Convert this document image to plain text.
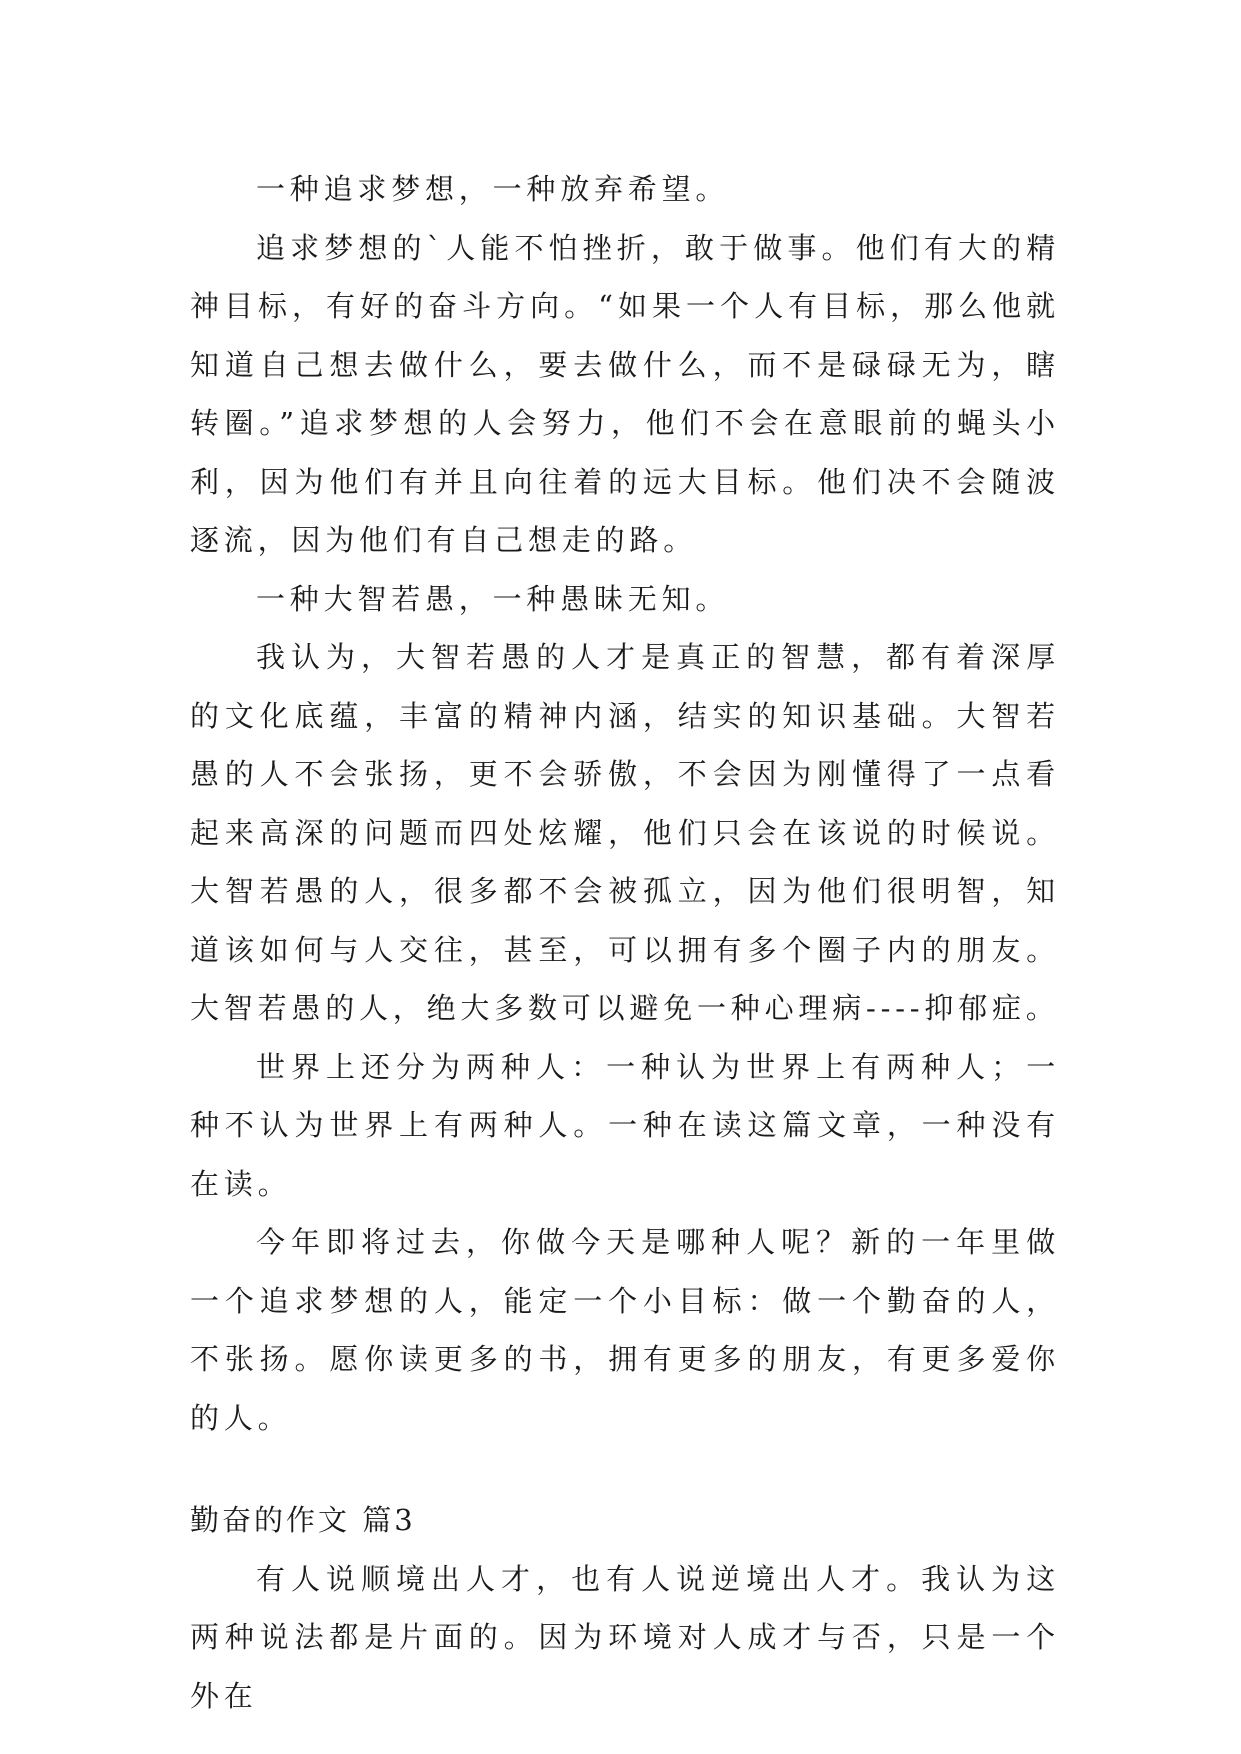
一种追求梦想，一种放弃希望。

追求梦想的`人能不怕挫折，敢于做事。他们有大的精神目标，有好的奋斗方向。“如果一个人有目标，那么他就知道自己想去做什么，要去做什么，而不是碌碌无为，瞎转圈。”追求梦想的人会努力，他们不会在意眼前的蝇头小利，因为他们有并且向往着的远大目标。他们决不会随波逐流，因为他们有自己想走的路。

一种大智若愚，一种愚昧无知。

我认为，大智若愚的人才是真正的智慧，都有着深厚的文化底蕴，丰富的精神内涵，结实的知识基础。大智若愚的人不会张扬，更不会骄傲，不会因为刚懂得了一点看起来高深的问题而四处炫耀，他们只会在该说的时候说。大智若愚的人，很多都不会被孤立，因为他们很明智，知道该如何与人交往，甚至，可以拥有多个圈子内的朋友。大智若愚的人，绝大多数可以避免一种心理病----抑郁症。

世界上还分为两种人：一种认为世界上有两种人；一种不认为世界上有两种人。一种在读这篇文章，一种没有在读。

今年即将过去，你做今天是哪种人呢？新的一年里做一个追求梦想的人，能定一个小目标：做一个勤奋的人，不张扬。愿你读更多的书，拥有更多的朋友，有更多爱你的人。

勤奋的作文 篇3

有人说顺境出人才，也有人说逆境出人才。我认为这两种说法都是片面的。因为环境对人成才与否，只是一个外在
